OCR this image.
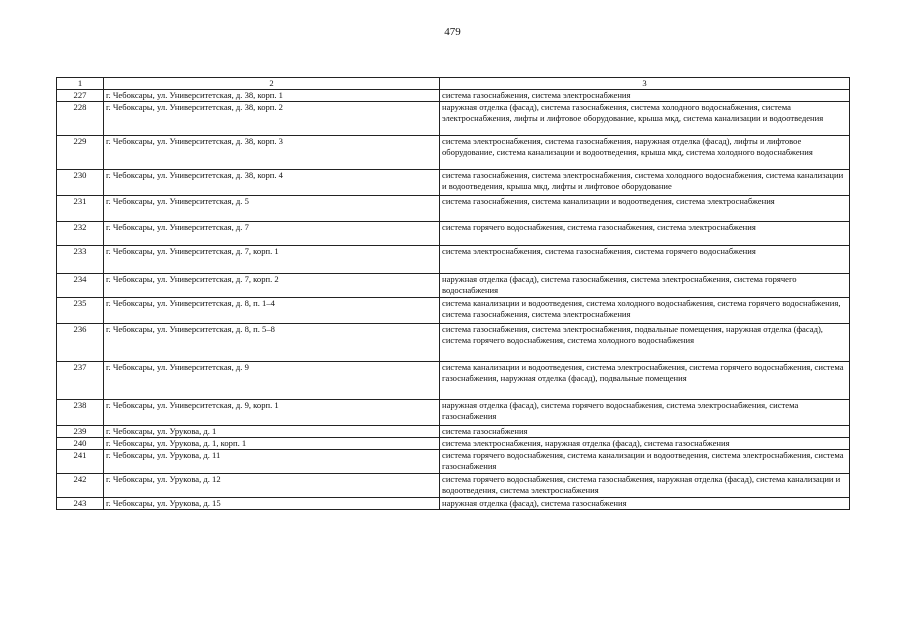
479
1	2	3
227	г. Чебоксары, ул. Университетская, д. 38, корп. 1	система газоснабжения, система электроснабжения
228	г. Чебоксары, ул. Университетская, д. 38, корп. 2	наружная отделка (фасад), система газоснабжения, система холодного водоснабжения, система электроснабжения, лифты и лифтовое оборудование, крыша мкд, система канализации и водоотведения
229	г. Чебоксары, ул. Университетская, д. 38, корп. 3	система электроснабжения, система газоснабжения, наружная отделка (фасад), лифты и лифтовое оборудование, система канализации и водоотведения, крыша мкд, система холодного водоснабжения
230	г. Чебоксары, ул. Университетская, д. 38, корп. 4	система газоснабжения, система электроснабжения, система холодного водоснабжения, система канализации и водоотведения, крыша мкд, лифты и лифтовое оборудование
231	г. Чебоксары, ул. Университетская, д. 5	система газоснабжения, система канализации и водоотведения, система электроснабжения
232	г. Чебоксары, ул. Университетская, д. 7	система горячего водоснабжения, система газоснабжения, система электроснабжения
233	г. Чебоксары, ул. Университетская, д. 7, корп. 1	система электроснабжения, система газоснабжения, система горячего водоснабжения
234	г. Чебоксары, ул. Университетская, д. 7, корп. 2	наружная отделка (фасад), система газоснабжения, система электроснабжения, система горячего водоснабжения
235	г. Чебоксары, ул. Университетская, д. 8, п. 1–4	система канализации и водоотведения, система холодного водоснабжения, система горячего водоснабжения, система газоснабжения, система электроснабжения
236	г. Чебоксары, ул. Университетская, д. 8, п. 5–8	система газоснабжения, система электроснабжения, подвальные помещения, наружная отделка (фасад), система горячего водоснабжения, система холодного водоснабжения
237	г. Чебоксары, ул. Университетская, д. 9	система канализации и водоотведения, система электроснабжения, система горячего водоснабжения, система газоснабжения, наружная отделка (фасад), подвальные помещения
238	г. Чебоксары, ул. Университетская, д. 9, корп. 1	наружная отделка (фасад), система горячего водоснабжения, система электроснабжения, система газоснабжения
239	г. Чебоксары, ул. Урукова, д. 1	система газоснабжения
240	г. Чебоксары, ул. Урукова, д. 1, корп. 1	система электроснабжения, наружная отделка (фасад), система газоснабжения
241	г. Чебоксары, ул. Урукова, д. 11	система горячего водоснабжения, система канализации и водоотведения, система электроснабжения, система газоснабжения
242	г. Чебоксары, ул. Урукова, д. 12	система горячего водоснабжения, система газоснабжения, наружная отделка (фасад), система канализации и водоотведения, система электроснабжения
243	г. Чебоксары, ул. Урукова, д. 15	наружная отделка (фасад), система газоснабжения
